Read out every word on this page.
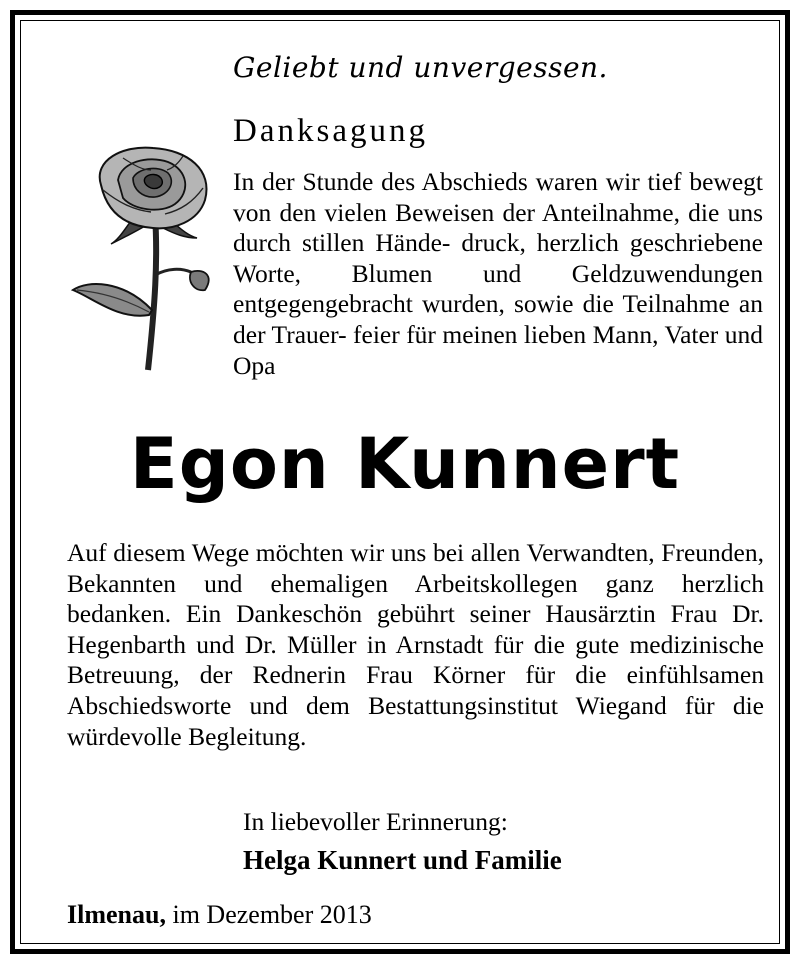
Geliebt und unvergessen.
Danksagung

In der Stunde des Abschieds waren wir tief bewegt von den vielen Beweisen der Anteilnahme, die uns durch stillen Hände- druck, herzlich geschriebene Worte, Blumen und Geldzuwendungen entgegengebracht wurden, sowie die Teilnahme an der Trauer- feier für meinen lieben Mann, Vater und Opa

Egon Kunnert

Auf diesem Wege möchten wir uns bei allen Verwandten, Freunden, Bekannten und ehemaligen Arbeitskollegen ganz herzlich bedanken. Ein Dankeschön gebührt seiner Hausärztin Frau Dr. Hegenbarth und Dr. Müller in Arnstadt für die gute medizinische Betreuung, der Rednerin Frau Körner für die einfühlsamen Abschiedsworte und dem Bestattungsinstitut Wiegand für die würdevolle Begleitung.

In liebevoller Erinnerung:
Helga Kunnert und Familie
Ilmenau, im Dezember 2013
